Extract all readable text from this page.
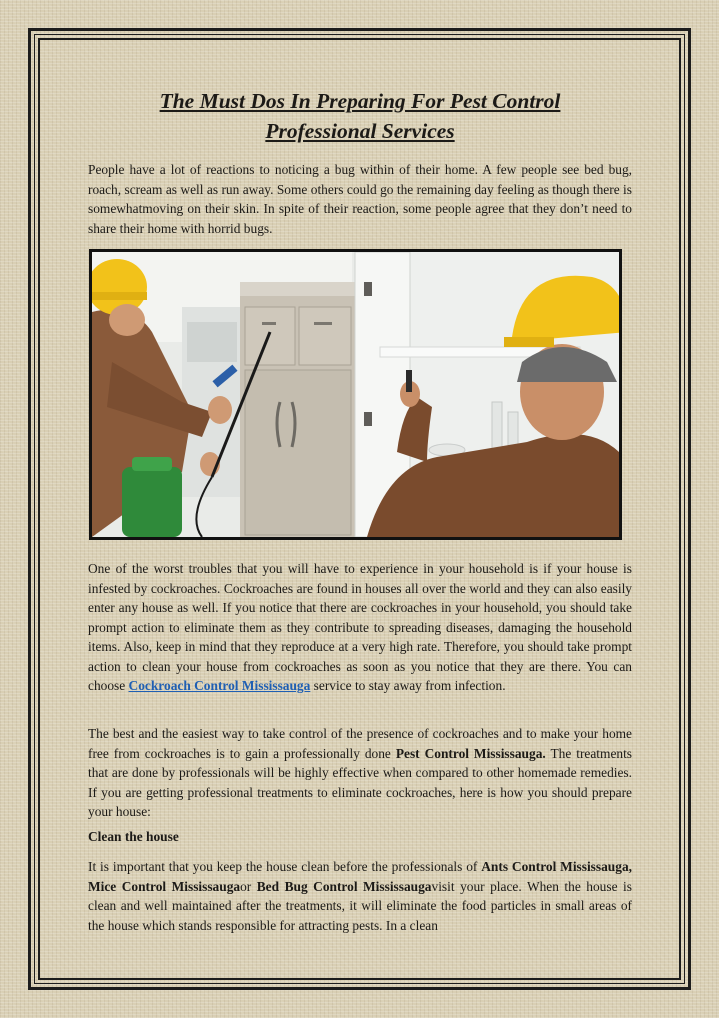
The Must Dos In Preparing For Pest Control
Professional Services

People have a lot of reactions to noticing a bug within of their home. A few people see bed bug, roach, scream as well as run away. Some others could go the remaining day feeling as though there is somewhatmoving on their skin. In spite of their reaction, some people agree that they don’t need to share their home with horrid bugs.

One of the worst troubles that you will have to experience in your household is if your house is infested by cockroaches. Cockroaches are found in houses all over the world and they can also easily enter any house as well. If you notice that there are cockroaches in your household, you should take prompt action to eliminate them as they contribute to spreading diseases, damaging the household items. Also, keep in mind that they reproduce at a very high rate. Therefore, you should take prompt action to clean your house from cockroaches as soon as you notice that they are there. You can choose Cockroach Control Mississauga service to stay away from infection.

The best and the easiest way to take control of the presence of cockroaches and to make your home free from cockroaches is to gain a professionally done Pest Control Mississauga. The treatments that are done by professionals will be highly effective when compared to other homemade remedies. If you are getting professional treatments to eliminate cockroaches, here is how you should prepare your house:

Clean the house

It is important that you keep the house clean before the professionals of Ants Control Mississauga, Mice Control Mississaugaor Bed Bug Control Mississaugavisit your place. When the house is clean and well maintained after the treatments, it will eliminate the food particles in small areas of the house which stands responsible for attracting pests. In a clean
